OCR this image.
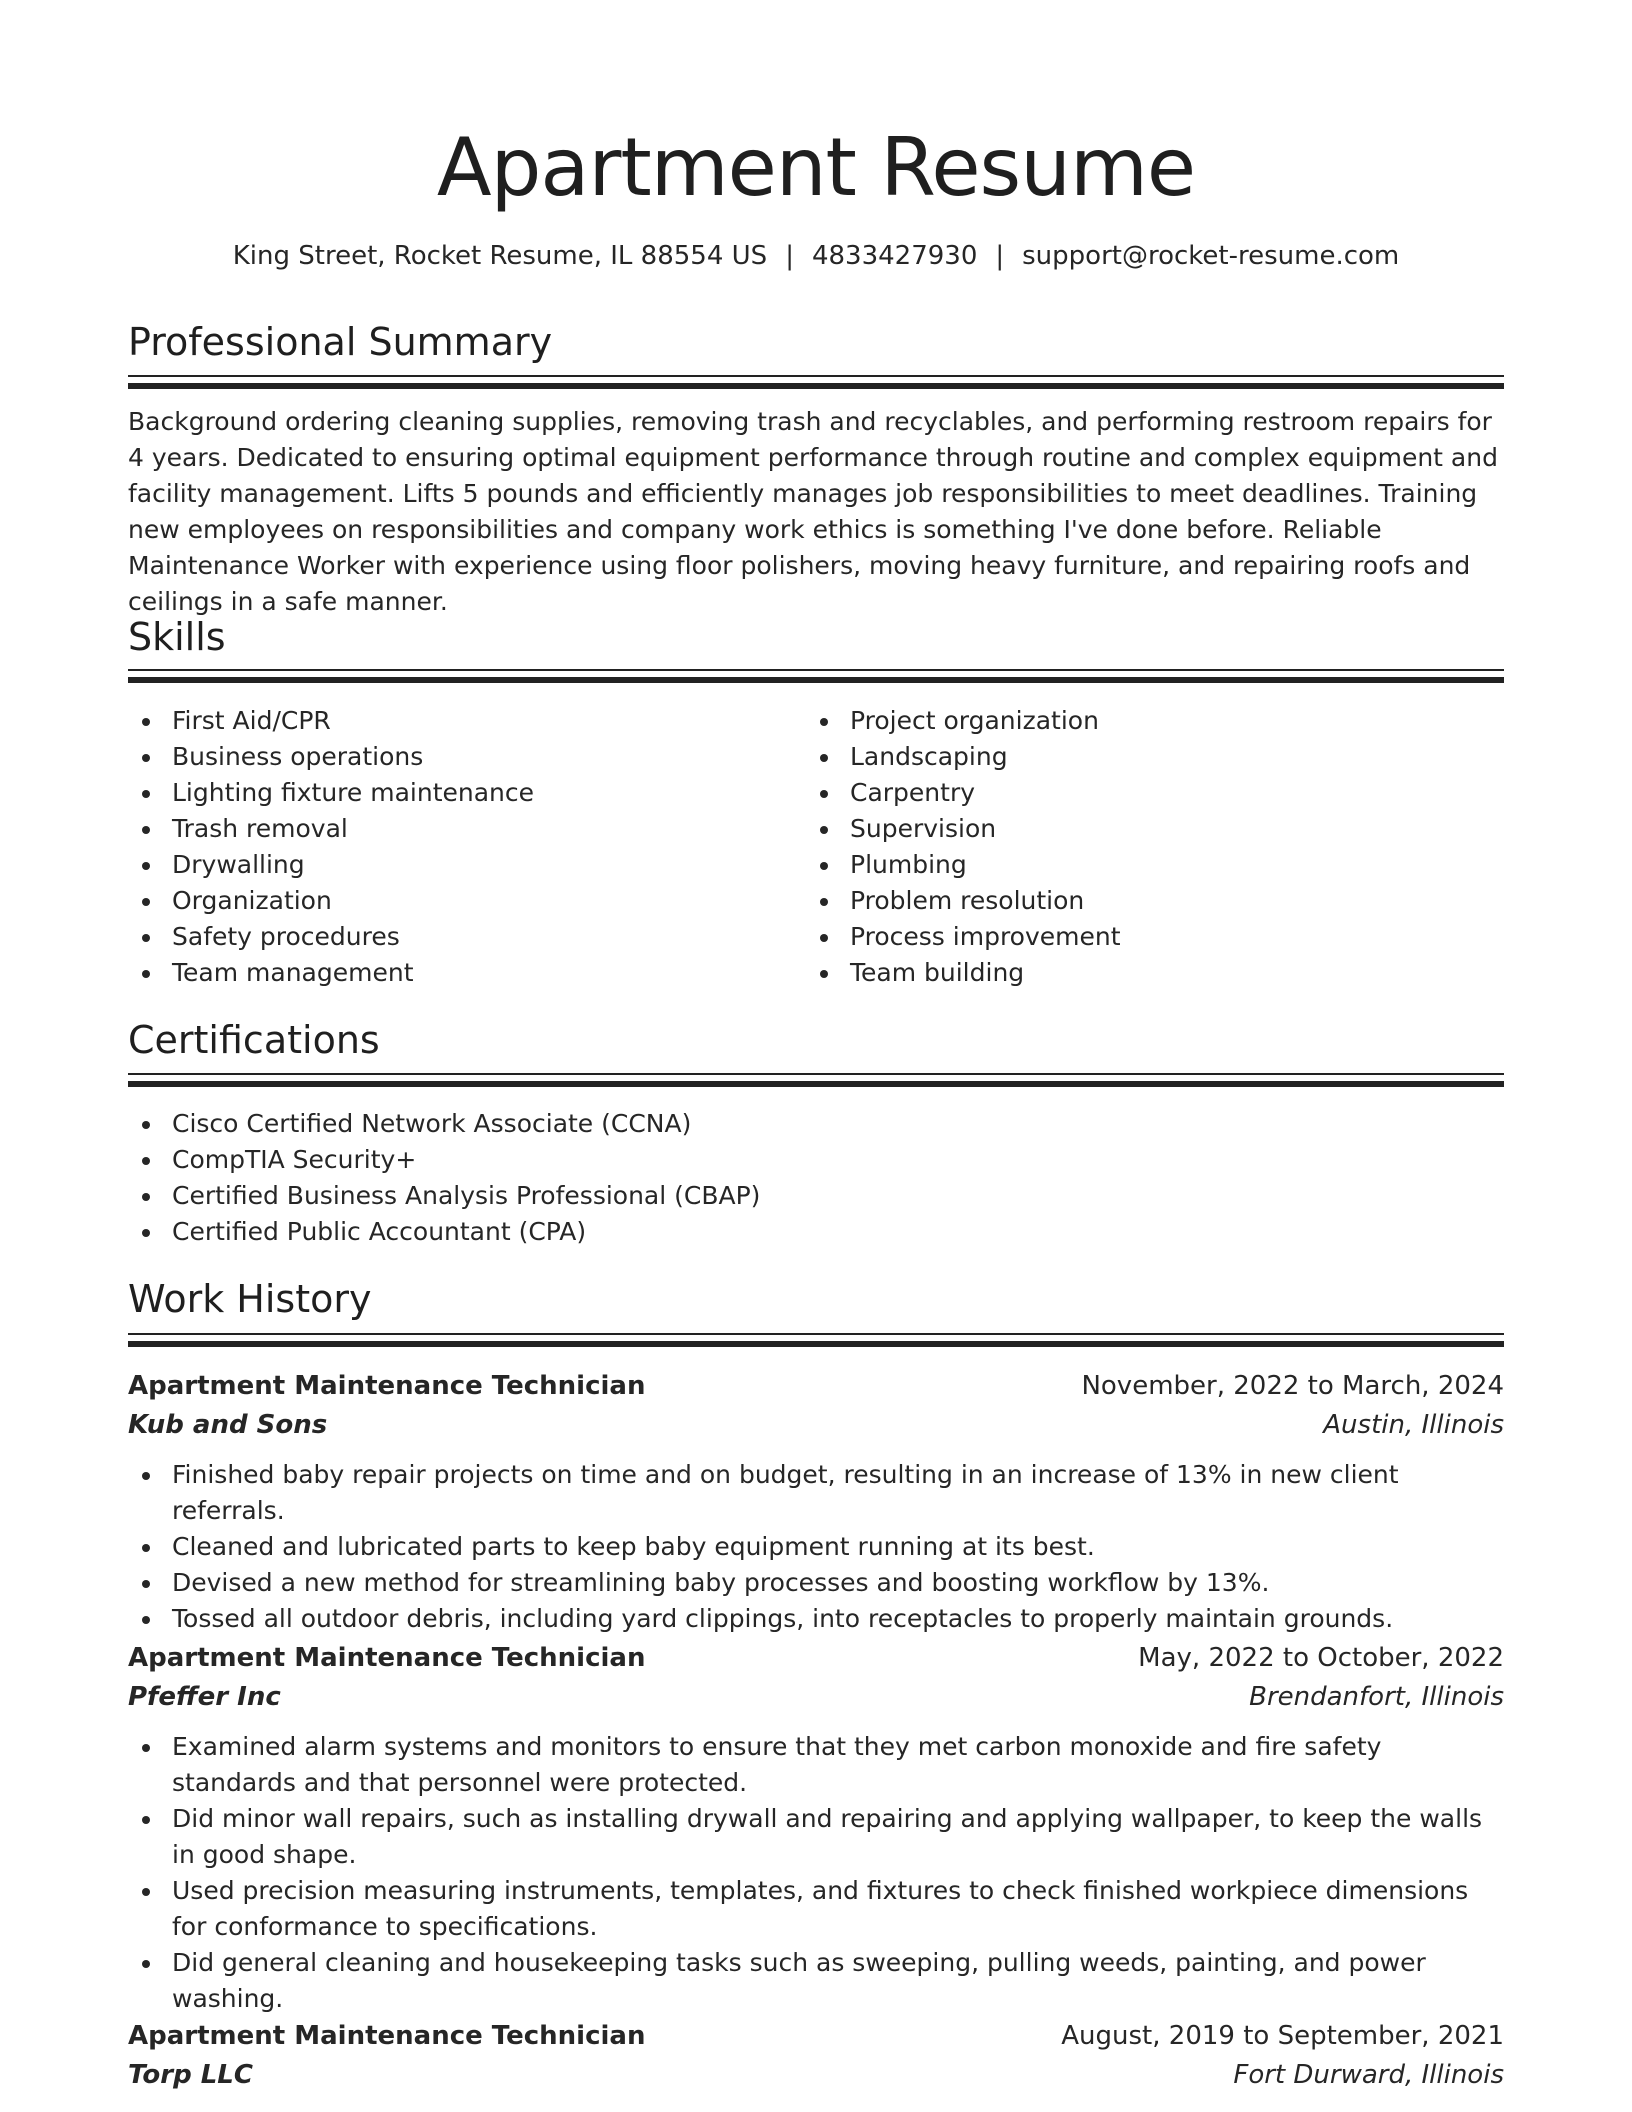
Apartment Resume
King Street, Rocket Resume, IL 88554 US | 4833427930 | support@rocket-resume.com
Professional Summary
Background ordering cleaning supplies, removing trash and recyclables, and performing restroom repairs for 4 years. Dedicated to ensuring optimal equipment performance through routine and complex equipment and facility management. Lifts 5 pounds and efficiently manages job responsibilities to meet deadlines. Training new employees on responsibilities and company work ethics is something I've done before. Reliable Maintenance Worker with experience using floor polishers, moving heavy furniture, and repairing roofs and ceilings in a safe manner.
Skills
First Aid/CPR
Business operations
Lighting fixture maintenance
Trash removal
Drywalling
Organization
Safety procedures
Team management
Project organization
Landscaping
Carpentry
Supervision
Plumbing
Problem resolution
Process improvement
Team building
Certifications
Cisco Certified Network Associate (CCNA)
CompTIA Security+
Certified Business Analysis Professional (CBAP)
Certified Public Accountant (CPA)
Work History
Apartment Maintenance Technician	November, 2022 to March, 2024
Kub and Sons	Austin, Illinois
Finished baby repair projects on time and on budget, resulting in an increase of 13% in new client referrals.
Cleaned and lubricated parts to keep baby equipment running at its best.
Devised a new method for streamlining baby processes and boosting workflow by 13%.
Tossed all outdoor debris, including yard clippings, into receptacles to properly maintain grounds.
Apartment Maintenance Technician	May, 2022 to October, 2022
Pfeffer Inc	Brendanfort, Illinois
Examined alarm systems and monitors to ensure that they met carbon monoxide and fire safety standards and that personnel were protected.
Did minor wall repairs, such as installing drywall and repairing and applying wallpaper, to keep the walls in good shape.
Used precision measuring instruments, templates, and fixtures to check finished workpiece dimensions for conformance to specifications.
Did general cleaning and housekeeping tasks such as sweeping, pulling weeds, painting, and power washing.
Apartment Maintenance Technician	August, 2019 to September, 2021
Torp LLC	Fort Durward, Illinois
